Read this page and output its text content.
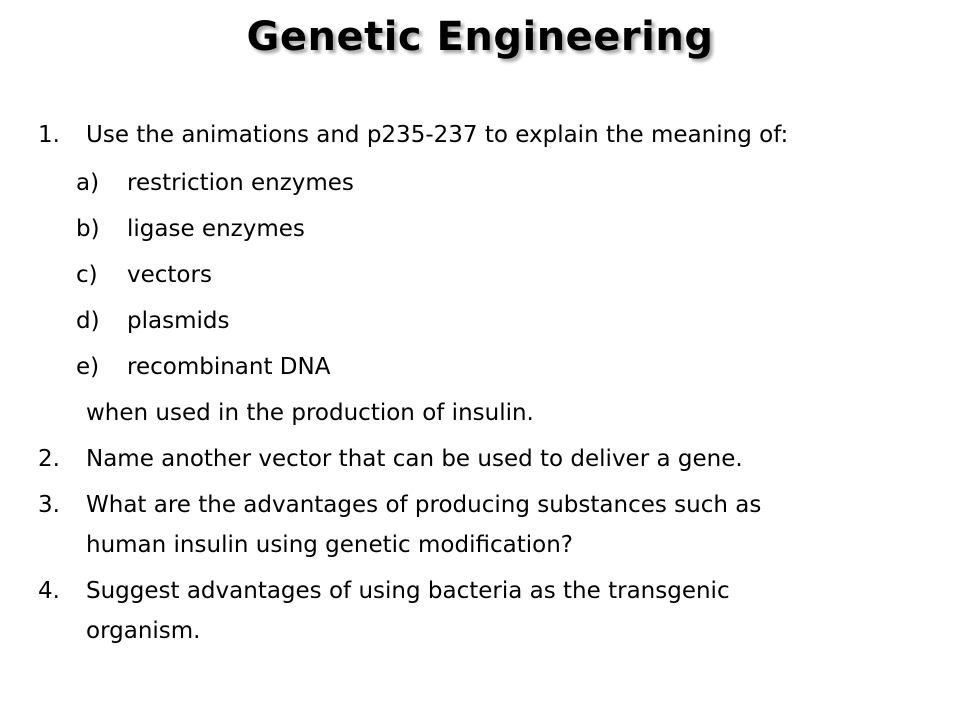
Genetic Engineering
1. Use the animations and p235-237 to explain the meaning of:
a) restriction enzymes
b) ligase enzymes
c) vectors
d) plasmids
e) recombinant DNA
when used in the production of insulin.
2. Name another vector that can be used to deliver a gene.
3. What are the advantages of producing substances such as
human insulin using genetic modification?
4. Suggest advantages of using bacteria as the transgenic
organism.
